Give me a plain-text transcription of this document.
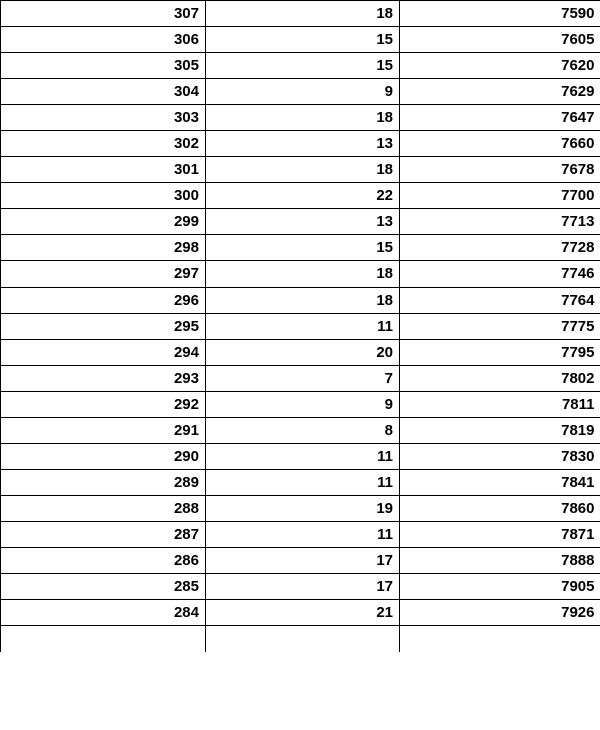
307	18	7590
306	15	7605
305	15	7620
304	9	7629
303	18	7647
302	13	7660
301	18	7678
300	22	7700
299	13	7713
298	15	7728
297	18	7746
296	18	7764
295	11	7775
294	20	7795
293	7	7802
292	9	7811
291	8	7819
290	11	7830
289	11	7841
288	19	7860
287	11	7871
286	17	7888
285	17	7905
284	21	7926
